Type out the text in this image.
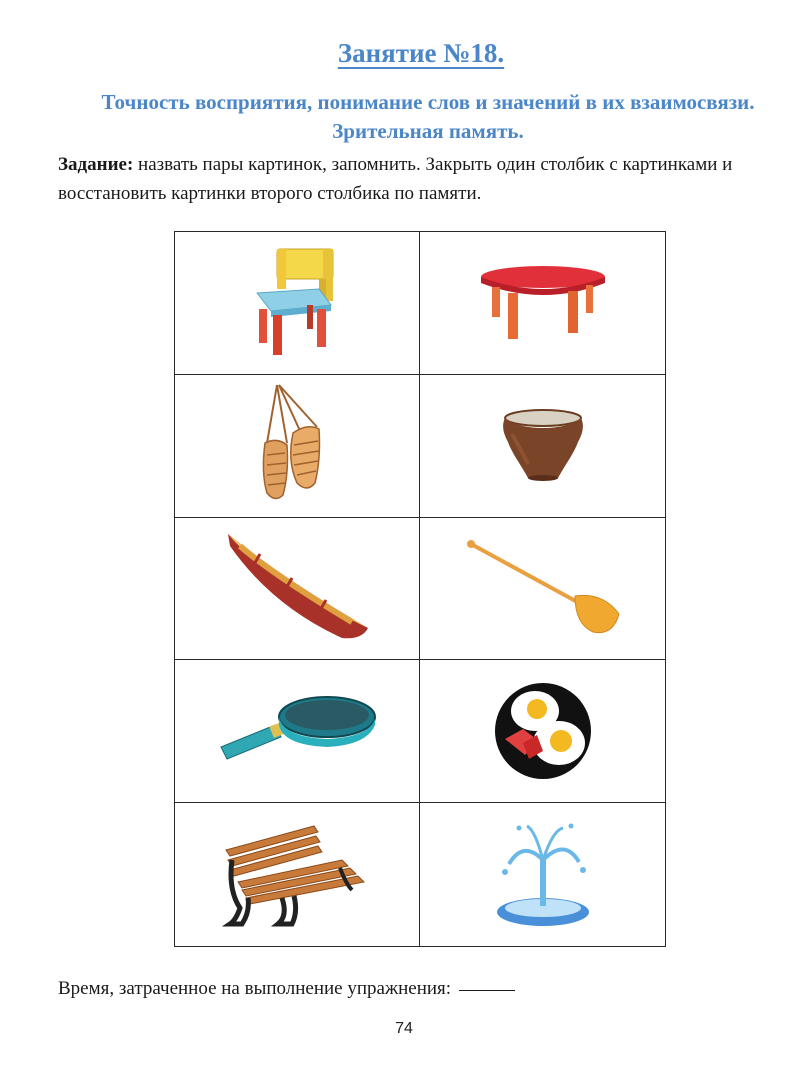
Занятие №18.
Точность восприятия, понимание слов и значений в их взаимосвязи. Зрительная память.
Задание: назвать пары картинок, запомнить. Закрыть один столбик с картинками и восстановить картинки второго столбика по памяти.
Время, затраченное на выполнение упражнения:
74
